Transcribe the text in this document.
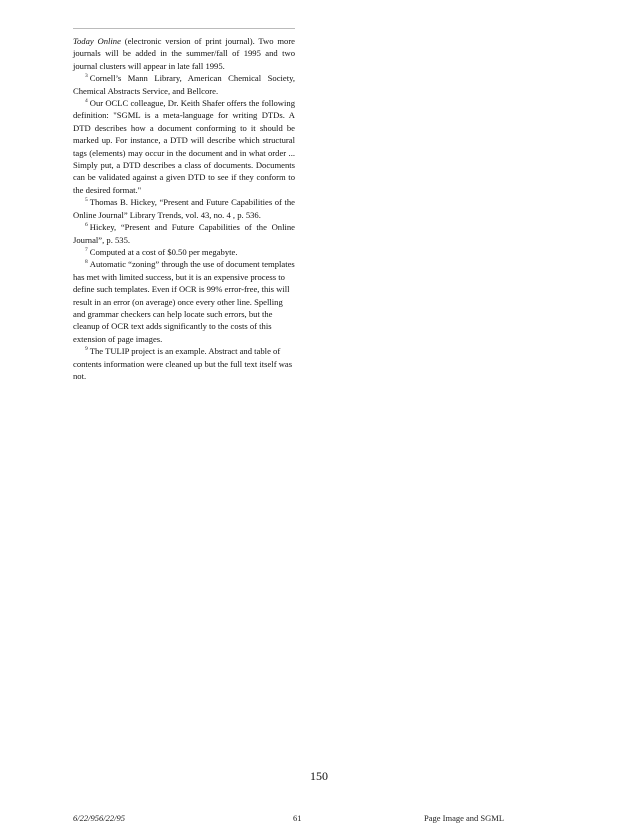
Today Online (electronic version of print journal). Two more journals will be added in the summer/fall of 1995 and two journal clusters will appear in late fall 1995.

$^3$ Cornell’s Mann Library, American Chemical Society, Chemical Abstracts Service, and Bellcore.

$^4$ Our OCLC colleague, Dr. Keith Shafer offers the following definition: "SGML is a meta-language for writing DTDs. A DTD describes how a document conforming to it should be marked up. For instance, a DTD will describe which structural tags (elements) may occur in the document and in what order ... Simply put, a DTD describes a class of documents. Documents can be validated against a given DTD to see if they conform to the desired format."

$^5$ Thomas B. Hickey, “Present and Future Capabilities of the Online Journal” Library Trends, vol. 43, no. 4 , p. 536.

$^6$ Hickey, “Present and Future Capabilities of the Online Journal”, p. 535.

$^7$ Computed at a cost of $0.50 per megabyte.

$^8$ Automatic “zoning” through the use of document templates has met with limited success, but it is an expensive process to define such templates. Even if OCR is 99% error-free, this will result in an error (on average) once every other line. Spelling and grammar checkers can help locate such errors, but the cleanup of OCR text adds significantly to the costs of this extension of page images.

$^9$ The TULIP project is an example. Abstract and table of contents information were cleaned up but the full text itself was not.

150
6/22/956/22/95	61	Page Image and SGML
